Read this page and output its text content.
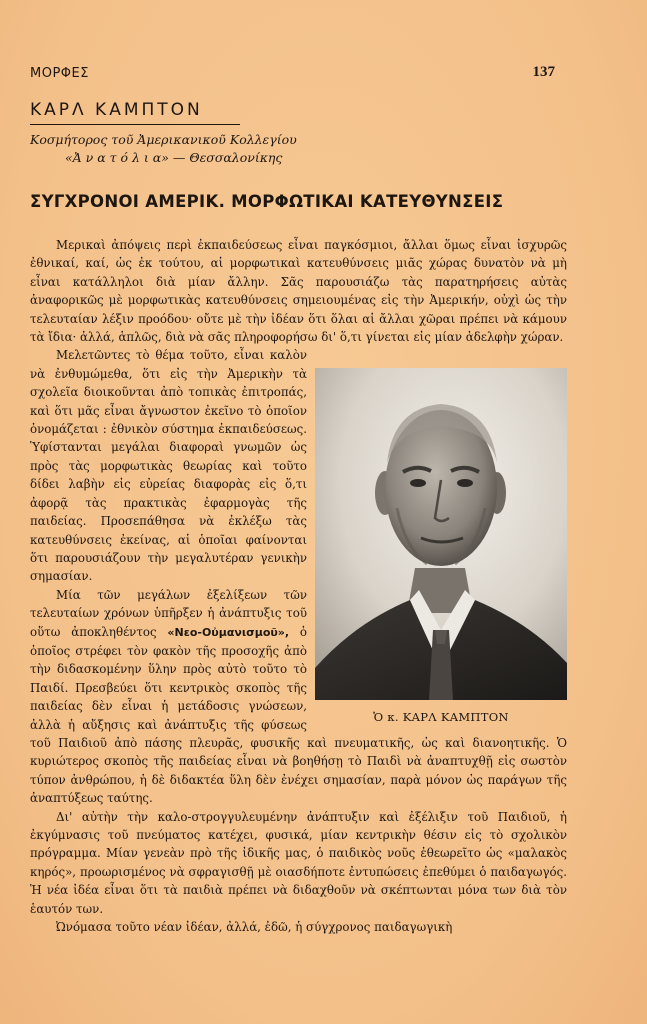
ΜΟΡΦΕΣ	137
ΚΑΡΛ ΚΑΜΠΤΟΝ
Κοσμήτορος τοῦ Ἀμερικανικοῦ Κολλεγίου
«Ἀ ν α τ ό λ ι α» — Θεσσαλονίκης
ΣΥΓΧΡΟΝΟΙ ΑΜΕΡΙΚ. ΜΟΡΦΩΤΙΚΑΙ ΚΑΤΕΥΘΥΝΣΕΙΣ

Μερικαὶ ἀπόψεις περὶ ἐκπαιδεύσεως εἶναι παγκόσμιοι, ἄλλαι ὅμως εἶναι ἰσχυρῶς ἐθνικαί, καί, ὡς ἐκ τούτου, αἱ μορφωτικαὶ κατευθύνσεις μιᾶς χώρας δυνατὸν νὰ μὴ εἶναι κατάλληλοι διὰ μίαν ἄλλην. Σᾶς παρουσιάζω τὰς παρατηρήσεις αὐτὰς ἀναφορικῶς μὲ μορφωτικὰς κατευθύνσεις σημειουμένας εἰς τὴν Ἀμερικήν, οὐχὶ ὡς τὴν τελευταίαν λέξιν προόδου· οὔτε μὲ τὴν ἰδέαν ὅτι ὅλαι αἱ ἄλλαι χῶραι πρέπει νὰ κάμουν τὰ ἴδια· ἀλλά, ἁπλῶς, διὰ νὰ σᾶς πληροφορήσω δι' ὅ,τι γίνεται εἰς μίαν ἀδελφὴν χώραν.

Ὁ κ. ΚΑΡΛ ΚΑΜΠΤΟΝ

Μελετῶντες τὸ θέμα τοῦτο, εἶναι καλὸν νὰ ἐνθυμώμεθα, ὅτι εἰς τὴν Ἀμερικὴν τὰ σχολεῖα διοικοῦνται ἀπὸ τοπικὰς ἐπιτροπάς, καὶ ὅτι μᾶς εἶναι ἄγνωστον ἐκεῖνο τὸ ὁποῖον ὀνομάζεται : ἐθνικὸν σύστημα ἐκπαιδεύσεως. Ὑφίστανται μεγάλαι διαφοραὶ γνωμῶν ὡς πρὸς τὰς μορφωτικὰς θεωρίας καὶ τοῦτο δίδει λαβὴν εἰς εὐρείας διαφορὰς εἰς ὅ,τι ἀφορᾷ τὰς πρακτικὰς ἐφαρμογὰς τῆς παιδείας. Προσεπάθησα νὰ ἐκλέξω τὰς κατευθύνσεις ἐκείνας, αἱ ὁποῖαι φαίνονται ὅτι παρουσιάζουν τὴν μεγαλυτέραν γενικὴν σημασίαν.

Μία τῶν μεγάλων ἐξελίξεων τῶν τελευταίων χρόνων ὑπῆρξεν ἡ ἀνάπτυξις τοῦ οὕτω ἀποκληθέντος «Νεο-Οὐμανισμοῦ», ὁ ὁποῖος στρέφει τὸν φακὸν τῆς προσοχῆς ἀπὸ τὴν διδασκομένην ὕλην πρὸς αὐτὸ τοῦτο τὸ Παιδί. Πρεσβεύει ὅτι κεντρικὸς σκοπὸς τῆς παιδείας δὲν εἶναι ἡ μετάδοσις γνώσεων, ἀλλὰ ἡ αὔξησις καὶ ἀνάπτυξις τῆς φύσεως τοῦ Παιδιοῦ ἀπὸ πάσης πλευρᾶς, φυσικῆς καὶ πνευματικῆς, ὡς καὶ διανοητικῆς. Ὁ κυριώτερος σκοπὸς τῆς παιδείας εἶναι νὰ βοηθήσῃ τὸ Παιδὶ νὰ ἀναπτυχθῇ εἰς σωστὸν τύπον ἀνθρώπου, ἡ δὲ διδακτέα ὕλη δὲν ἐνέχει σημασίαν, παρὰ μόνον ὡς παράγων τῆς ἀναπτύξεως ταύτης.

Δι' αὐτὴν τὴν καλο-στρογγυλευμένην ἀνάπτυξιν καὶ ἐξέλιξιν τοῦ Παιδιοῦ, ἡ ἐκγύμνασις τοῦ πνεύματος κατέχει, φυσικά, μίαν κεντρικὴν θέσιν εἰς τὸ σχολικὸν πρόγραμμα. Μίαν γενεὰν πρὸ τῆς ἰδικῆς μας, ὁ παιδικὸς νοῦς ἐθεωρεῖτο ὡς «μαλακὸς κηρός», προωρισμένος νὰ σφραγισθῇ μὲ οιασδήποτε ἐντυπώσεις ἐπεθύμει ὁ παιδαγωγός. Ἡ νέα ἰδέα εἶναι ὅτι τὰ παιδιὰ πρέπει νὰ διδαχθοῦν νὰ σκέπτωνται μόνα των διὰ τὸν ἑαυτόν των.

Ὠνόμασα τοῦτο νέαν ἰδέαν, ἀλλά, ἐδῶ, ἡ σύγχρονος παιδαγωγικὴ
